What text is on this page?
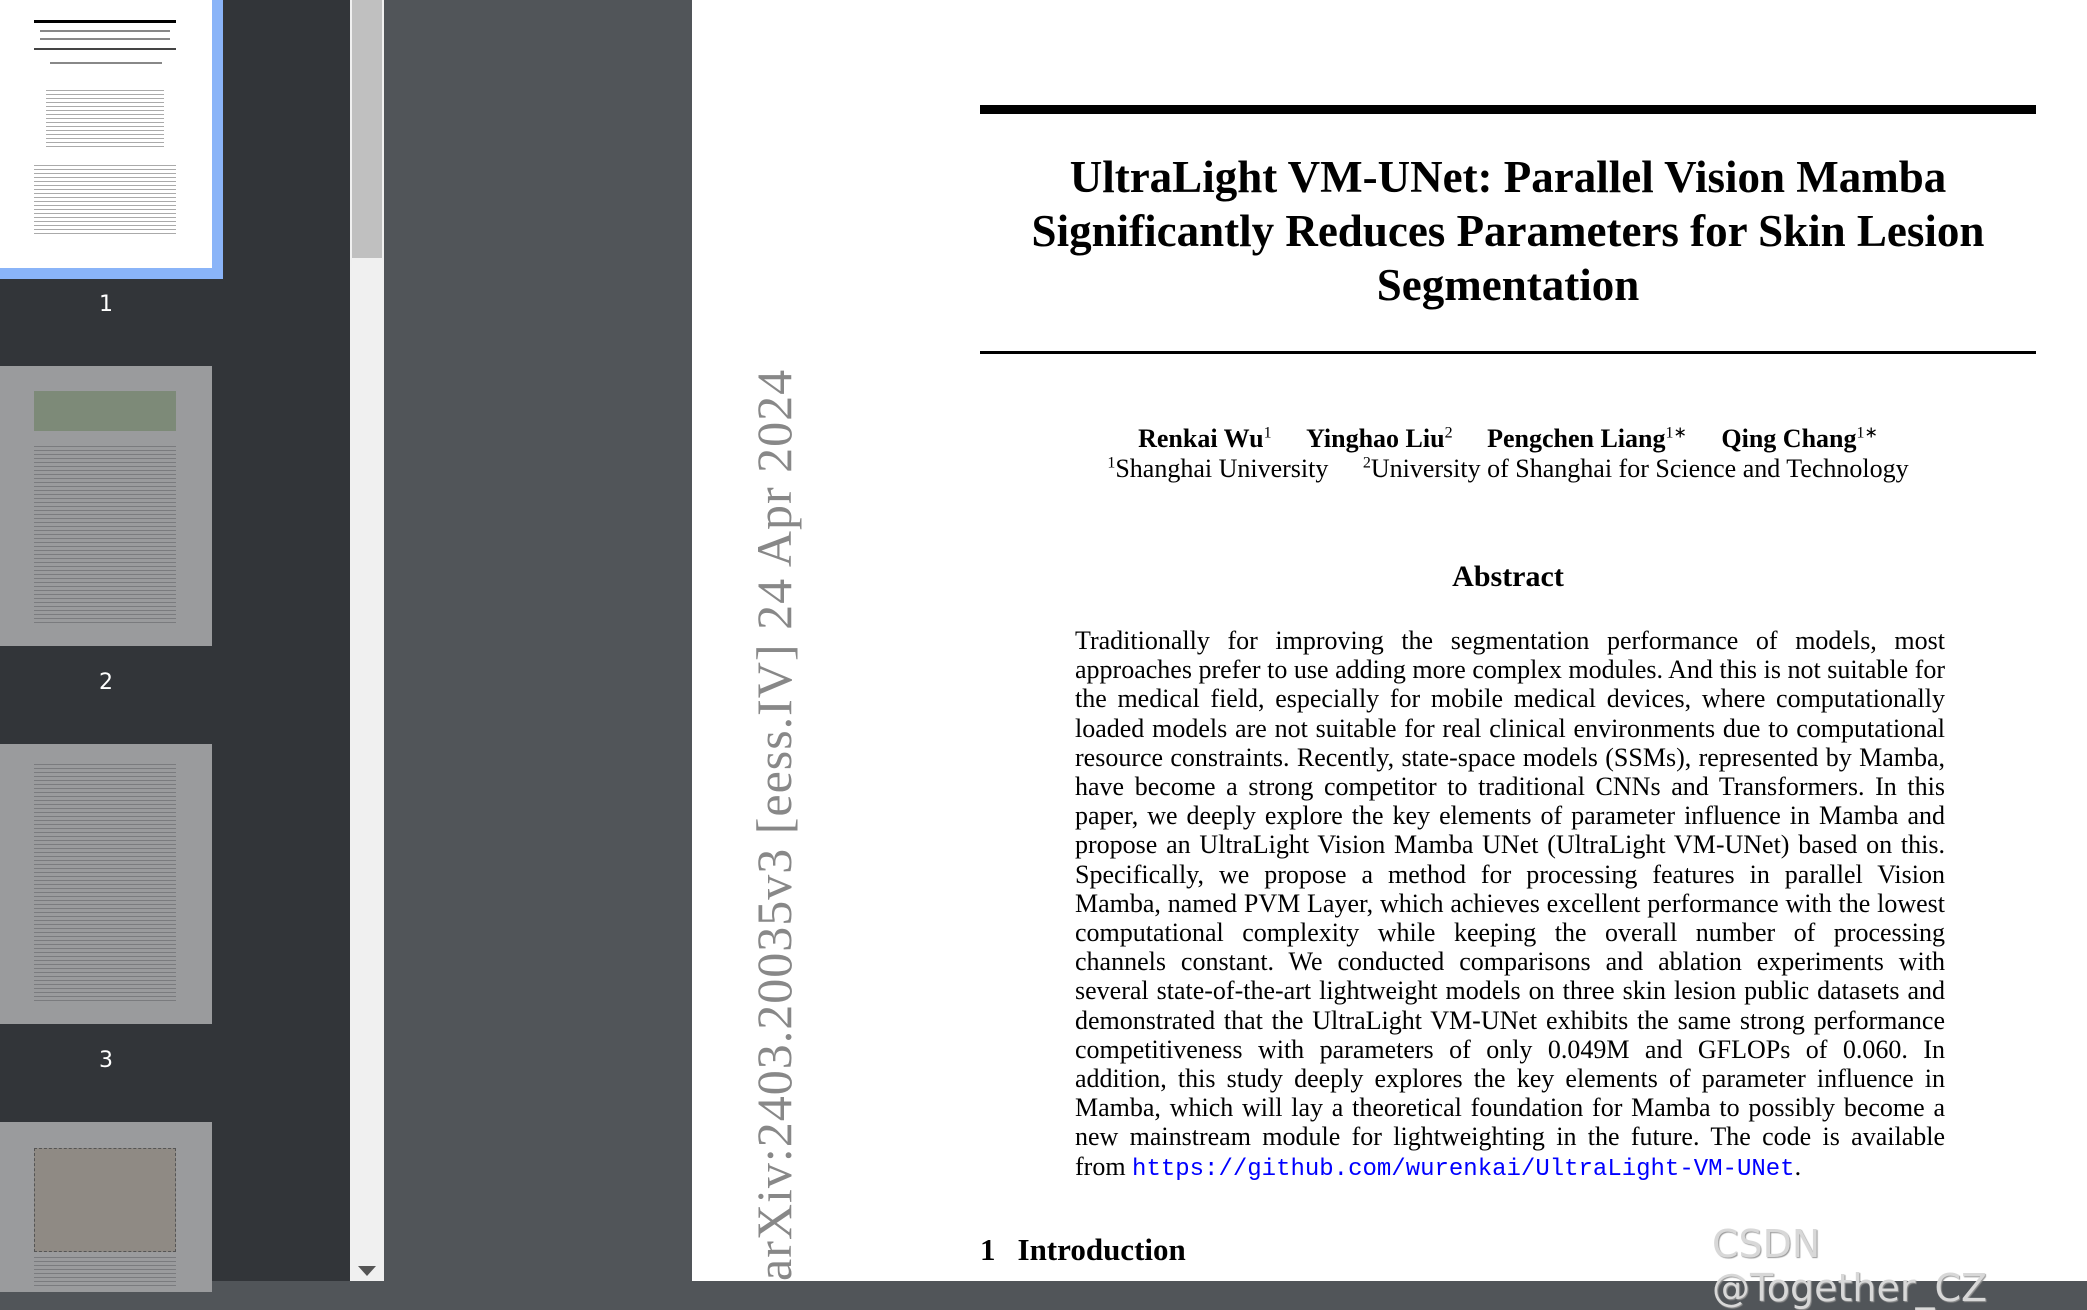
1
2
3
UltraLight VM-UNet: Parallel Vision Mamba Significantly Reduces Parameters for Skin Lesion Segmentation
Renkai Wu$^1$ Yinghao Liu$^2$ Pengchen Liang$^{1∗}$ Qing Chang$^{1∗}$
$^1$Shanghai University $^2$University of Shanghai for Science and Technology
Abstract
Traditionally for improving the segmentation performance of models, most approaches prefer to use adding more complex modules. And this is not suitable for the medical field, especially for mobile medical devices, where computationally loaded models are not suitable for real clinical environments due to computational resource constraints. Recently, state-space models (SSMs), represented by Mamba, have become a strong competitor to traditional CNNs and Transformers. In this paper, we deeply explore the key elements of parameter influence in Mamba and propose an UltraLight Vision Mamba UNet (UltraLight VM-UNet) based on this. Specifically, we propose a method for processing features in parallel Vision Mamba, named PVM Layer, which achieves excellent performance with the lowest computational complexity while keeping the overall number of processing channels constant. We conducted comparisons and ablation experiments with several state-of-the-art lightweight models on three skin lesion public datasets and demonstrated that the UltraLight VM-UNet exhibits the same strong performance competitiveness with parameters of only 0.049M and GFLOPs of 0.060. In addition, this study deeply explores the key elements of parameter influence in Mamba, which will lay a theoretical foundation for Mamba to possibly become a new mainstream module for lightweighting in the future. The code is available from https://github.com/wurenkai/UltraLight-VM-UNet.
1 Introduction
arXiv:2403.20035v3 [eess.IV] 24 Apr 2024	CSDN @Together_CZ
